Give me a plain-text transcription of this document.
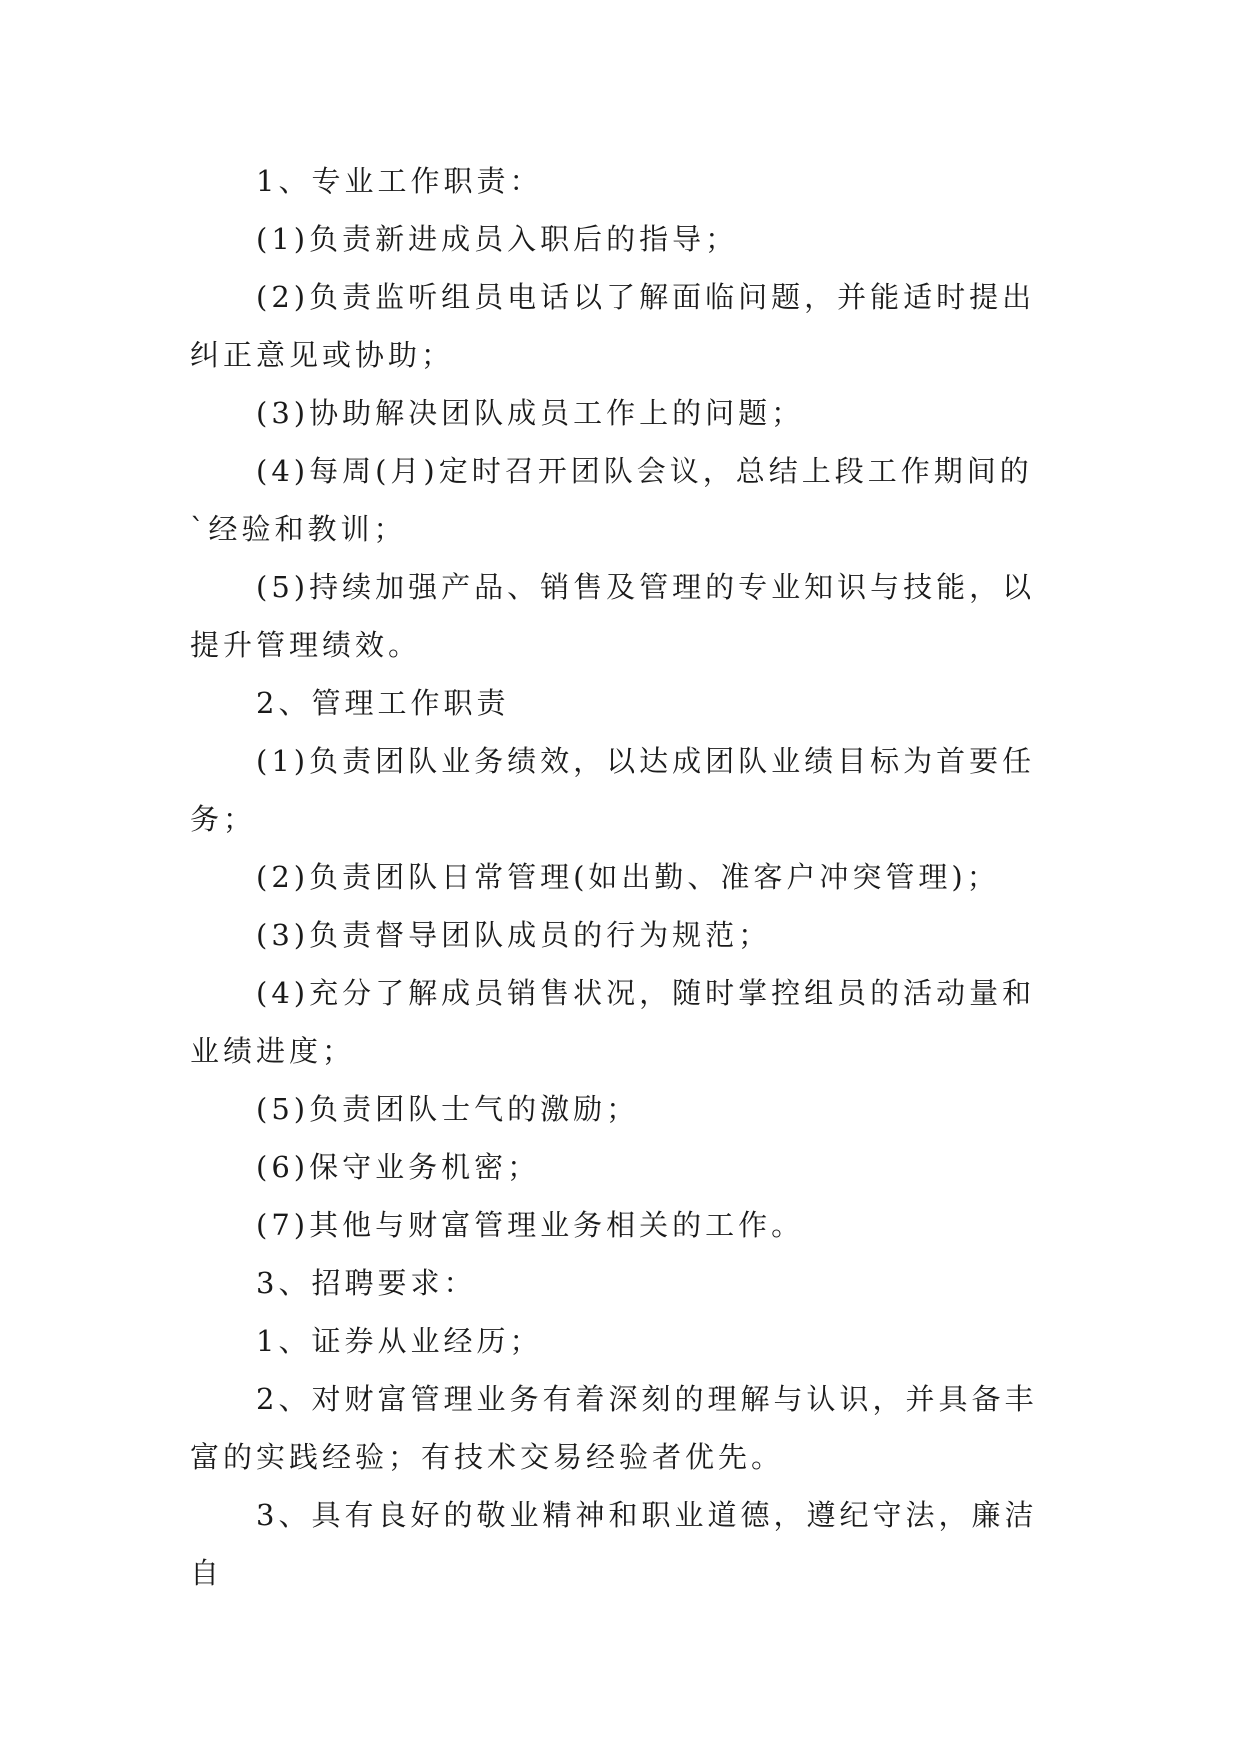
1、专业工作职责：

(1)负责新进成员入职后的指导；

(2)负责监听组员电话以了解面临问题，并能适时提出纠正意见或协助；

(3)协助解决团队成员工作上的问题；

(4)每周(月)定时召开团队会议，总结上段工作期间的`经验和教训；

(5)持续加强产品、销售及管理的专业知识与技能，以提升管理绩效。

2、管理工作职责

(1)负责团队业务绩效，以达成团队业绩目标为首要任务；

(2)负责团队日常管理(如出勤、准客户冲突管理)；

(3)负责督导团队成员的行为规范；

(4)充分了解成员销售状况，随时掌控组员的活动量和业绩进度；

(5)负责团队士气的激励；

(6)保守业务机密；

(7)其他与财富管理业务相关的工作。

3、招聘要求：

1、证券从业经历；

2、对财富管理业务有着深刻的理解与认识，并具备丰富的实践经验；有技术交易经验者优先。

3、具有良好的敬业精神和职业道德，遵纪守法，廉洁自
